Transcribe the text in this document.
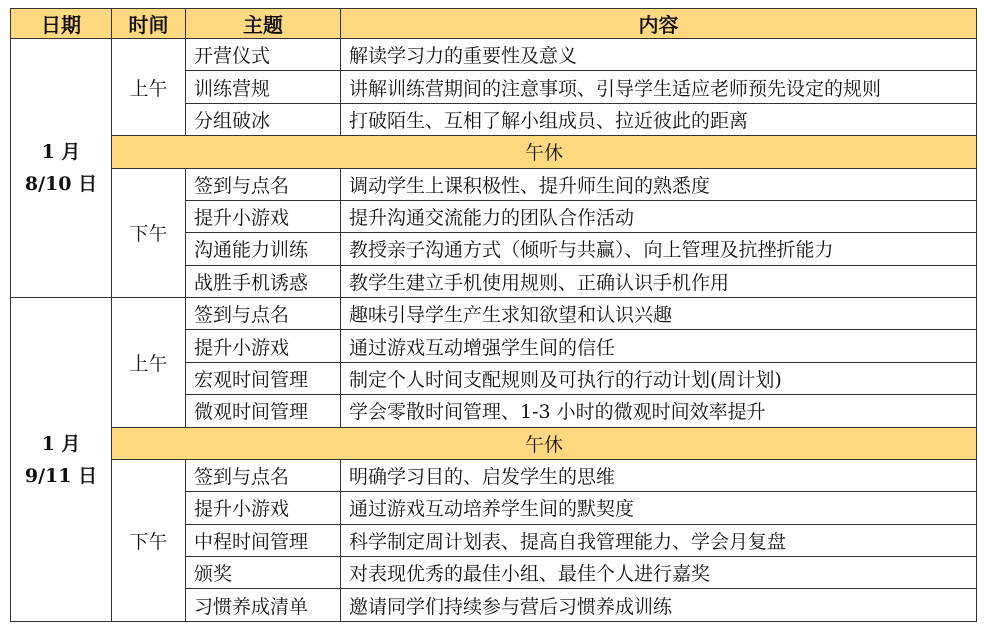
日期	时间	主题	内容

1 月
8/10 日	上午	开营仪式	解读学习力的重要性及意义
		训练营规	讲解训练营期间的注意事项、引导学生适应老师预先设定的规则
		分组破冰	打破陌生、互相了解小组成员、拉近彼此的距离
	午休		
	下午	签到与点名	调动学生上课积极性、提升师生间的熟悉度
		提升小游戏	提升沟通交流能力的团队合作活动
		沟通能力训练	教授亲子沟通方式（倾听与共赢）、向上管理及抗挫折能力
		战胜手机诱惑	教学生建立手机使用规则、正确认识手机作用

1 月
9/11 日	上午	签到与点名	趣味引导学生产生求知欲望和认识兴趣
		提升小游戏	通过游戏互动增强学生间的信任
		宏观时间管理	制定个人时间支配规则及可执行的行动计划(周计划)
		微观时间管理	学会零散时间管理、1-3 小时的微观时间效率提升
	午休		
	下午	签到与点名	明确学习目的、启发学生的思维
		提升小游戏	通过游戏互动培养学生间的默契度
		中程时间管理	科学制定周计划表、提高自我管理能力、学会月复盘
		颁奖	对表现优秀的最佳小组、最佳个人进行嘉奖
		习惯养成清单	邀请同学们持续参与营后习惯养成训练
